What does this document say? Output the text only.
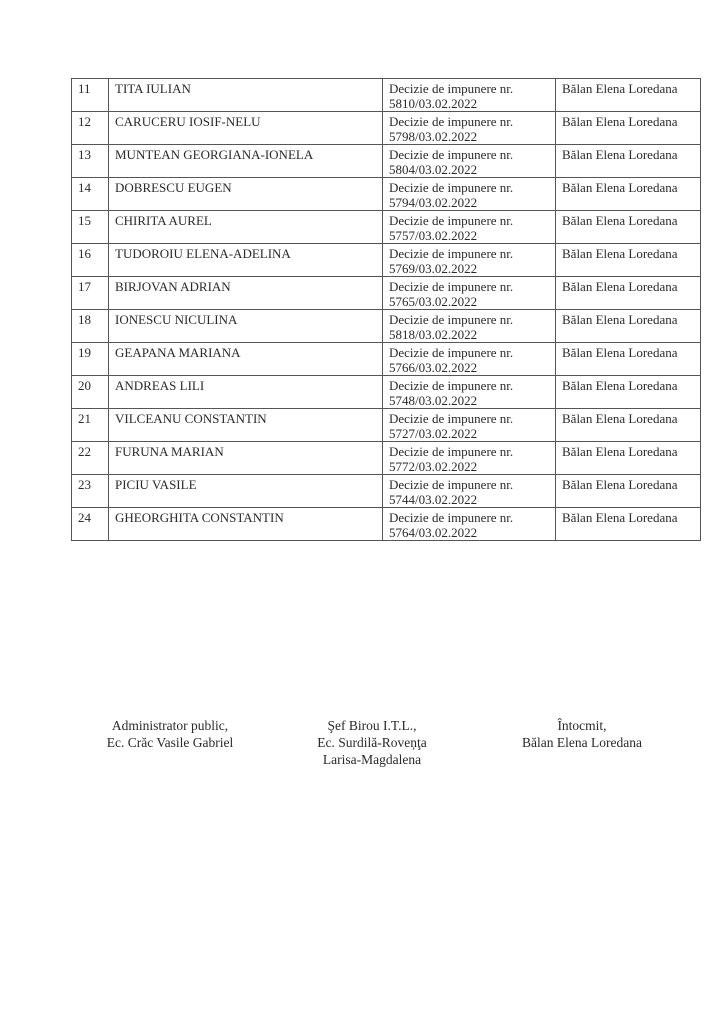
11	TITA IULIAN	Decizie de impunere nr.
5810/03.02.2022	Bălan Elena Loredana
12	CARUCERU IOSIF-NELU	Decizie de impunere nr.
5798/03.02.2022	Bălan Elena Loredana
13	MUNTEAN GEORGIANA-IONELA	Decizie de impunere nr.
5804/03.02.2022	Bălan Elena Loredana
14	DOBRESCU EUGEN	Decizie de impunere nr.
5794/03.02.2022	Bălan Elena Loredana
15	CHIRITA AUREL	Decizie de impunere nr.
5757/03.02.2022	Bălan Elena Loredana
16	TUDOROIU ELENA-ADELINA	Decizie de impunere nr.
5769/03.02.2022	Bălan Elena Loredana
17	BIRJOVAN ADRIAN	Decizie de impunere nr.
5765/03.02.2022	Bălan Elena Loredana
18	IONESCU NICULINA	Decizie de impunere nr.
5818/03.02.2022	Bălan Elena Loredana
19	GEAPANA MARIANA	Decizie de impunere nr.
5766/03.02.2022	Bălan Elena Loredana
20	ANDREAS LILI	Decizie de impunere nr.
5748/03.02.2022	Bălan Elena Loredana
21	VILCEANU CONSTANTIN	Decizie de impunere nr.
5727/03.02.2022	Bălan Elena Loredana
22	FURUNA MARIAN	Decizie de impunere nr.
5772/03.02.2022	Bălan Elena Loredana
23	PICIU VASILE	Decizie de impunere nr.
5744/03.02.2022	Bălan Elena Loredana
24	GHEORGHITA CONSTANTIN	Decizie de impunere nr.
5764/03.02.2022	Bălan Elena Loredana
Administrator public,
Ec. Crăc Vasile Gabriel
Şef Birou I.T.L.,
Ec. Surdilă-Roveņţa
Larisa-Magdalena
Întocmit,
Bălan Elena Loredana
